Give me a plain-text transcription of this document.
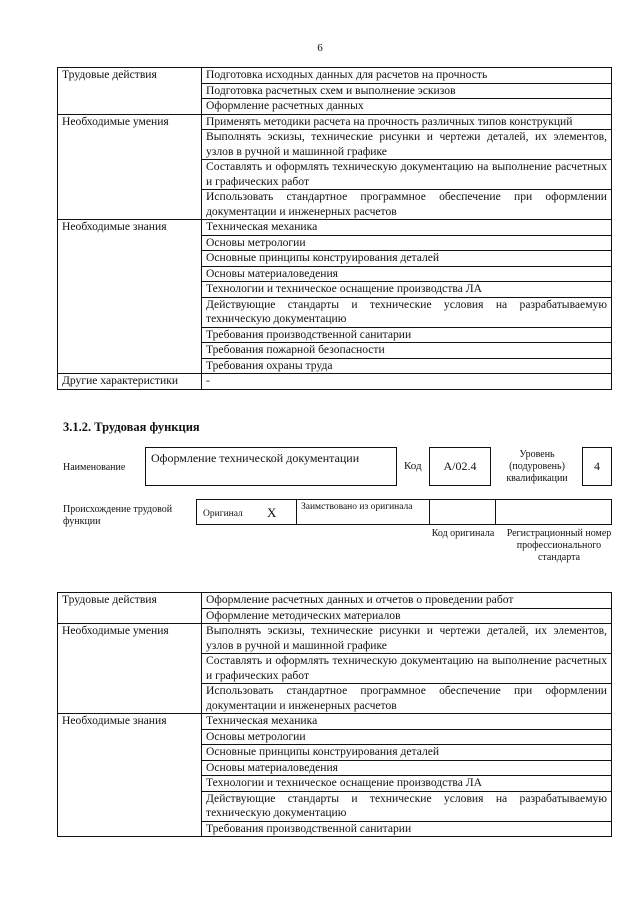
6
Трудовые действия	Подготовка исходных данных для расчетов на прочность
	Подготовка расчетных схем и выполнение эскизов
	Оформление расчетных данных
Необходимые умения	Применять методики расчета на прочность различных типов конструкций
	Выполнять эскизы, технические рисунки и чертежи деталей, их элементов, узлов в ручной и машинной графике
	Составлять и оформлять техническую документацию на выполнение расчетных и графических работ
	Использовать стандартное программное обеспечение при оформлении документации и инженерных расчетов
Необходимые знания	Техническая механика
	Основы метрологии
	Основные принципы конструирования деталей
	Основы материаловедения
	Технологии и техническое оснащение производства ЛА
	Действующие стандарты и технические условия на разрабатываемую техническую документацию
	Требования производственной санитарии
	Требования пожарной безопасности
	Требования охраны труда
Другие характеристики	-
3.1.2. Трудовая функция
Наименование
Оформление технической документации
Код	А/02.4
Уровень (подуровень) квалификации
4
Происхождение трудовой функции
Оригинал Х	Заимствовано из оригинала
Код оригинала Регистрационный номер профессионального стандарта
Трудовые действия	Оформление расчетных данных и отчетов о проведении работ
	Оформление методических материалов
Необходимые умения	Выполнять эскизы, технические рисунки и чертежи деталей, их элементов, узлов в ручной и машинной графике
	Составлять и оформлять техническую документацию на выполнение расчетных и графических работ
	Использовать стандартное программное обеспечение при оформлении документации и инженерных расчетов
Необходимые знания	Техническая механика
	Основы метрологии
	Основные принципы конструирования деталей
	Основы материаловедения
	Технологии и техническое оснащение производства ЛА
	Действующие стандарты и технические условия на разрабатываемую техническую документацию
	Требования производственной санитарии
